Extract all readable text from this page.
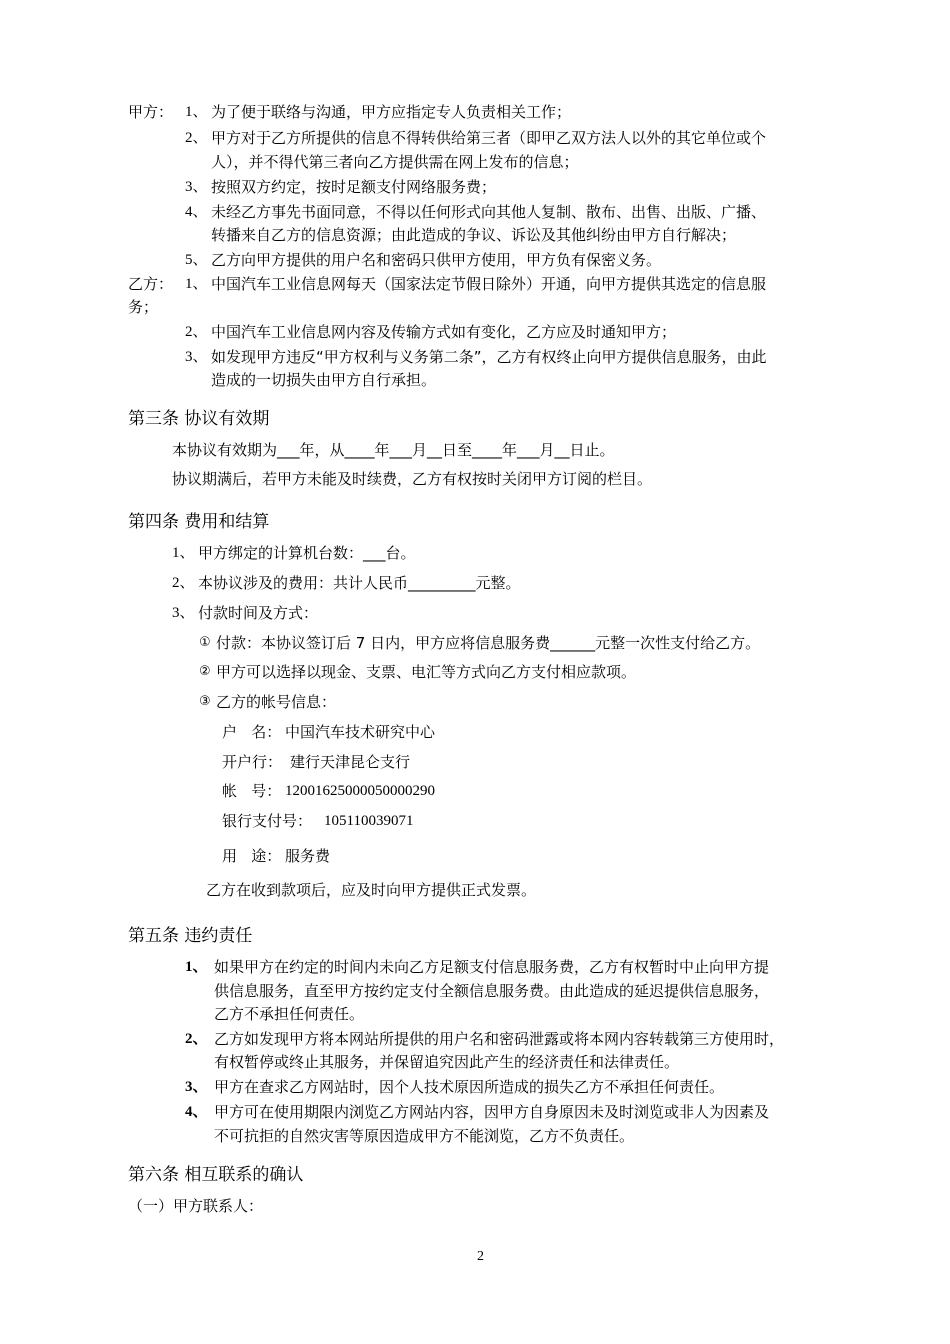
甲方： 1、 为了便于联络与沟通，甲方应指定专人负责相关工作；
2、 甲方对于乙方所提供的信息不得转供给第三者（即甲乙双方法人以外的其它单位或个
人），并不得代第三者向乙方提供需在网上发布的信息；
3、 按照双方约定，按时足额支付网络服务费；
4、 未经乙方事先书面同意，不得以任何形式向其他人复制、散布、出售、出版、广播、
转播来自乙方的信息资源；由此造成的争议、诉讼及其他纠纷由甲方自行解决；
5、 乙方向甲方提供的用户名和密码只供甲方使用，甲方负有保密义务。
乙方： 1、 中国汽车工业信息网每天（国家法定节假日除外）开通，向甲方提供其选定的信息服
务；
2、 中国汽车工业信息网内容及传输方式如有变化，乙方应及时通知甲方；
3、 如发现甲方违反“甲方权利与义务第二条”，乙方有权终止向甲方提供信息服务，由此
造成的一切损失由甲方自行承担。
第三条 协议有效期
本协议有效期为___年，从____年___月__日至____年___月__日止。
协议期满后，若甲方未能及时续费，乙方有权按时关闭甲方订阅的栏目。
第四条 费用和结算
1、 甲方绑定的计算机台数：___台。
2、 本协议涉及的费用：共计人民币_________元整。
3、 付款时间及方式：
① 付款：本协议签订后 7 日内，甲方应将信息服务费______元整一次性支付给乙方。
② 甲方可以选择以现金、支票、电汇等方式向乙方支付相应款项。
③ 乙方的帐号信息：
户   名： 中国汽车技术研究中心
开户行： 建行天津昆仑支行
帐   号： 12001625000050000290
银行支付号： 105110039071
用   途： 服务费
乙方在收到款项后，应及时向甲方提供正式发票。
第五条 违约责任
1、 如果甲方在约定的时间内未向乙方足额支付信息服务费，乙方有权暂时中止向甲方提
供信息服务，直至甲方按约定支付全额信息服务费。由此造成的延迟提供信息服务，
乙方不承担任何责任。
2、 乙方如发现甲方将本网站所提供的用户名和密码泄露或将本网内容转载第三方使用时，
有权暂停或终止其服务，并保留追究因此产生的经济责任和法律责任。
3、 甲方在查求乙方网站时，因个人技术原因所造成的损失乙方不承担任何责任。
4、 甲方可在使用期限内浏览乙方网站内容，因甲方自身原因未及时浏览或非人为因素及
不可抗拒的自然灾害等原因造成甲方不能浏览，乙方不负责任。
第六条 相互联系的确认
（一）甲方联系人：
2
